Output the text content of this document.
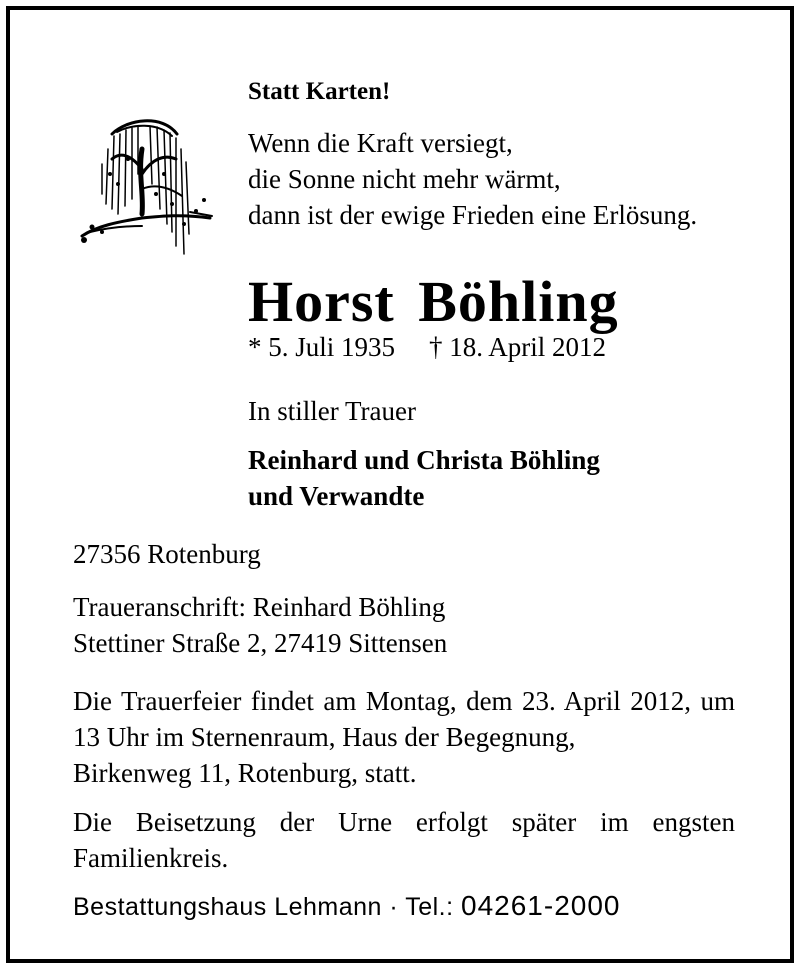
Statt Karten!
Wenn die Kraft versiegt,
die Sonne nicht mehr wärmt,
dann ist der ewige Frieden eine Erlösung.
Horst Böhling
* 5. Juli 1935 † 18. April 2012
In stiller Trauer
Reinhard und Christa Böhling
und Verwandte
27356 Rotenburg
Traueranschrift: Reinhard Böhling
Stettiner Straße 2, 27419 Sittensen
Die Trauerfeier findet am Montag, dem 23. April 2012, um 13 Uhr im Sternenraum, Haus der Begegnung,
Birkenweg 11, Rotenburg, statt.
Die Beisetzung der Urne erfolgt später im engsten
Familienkreis.
Bestattungshaus Lehmann · Tel.: 04261-2000
